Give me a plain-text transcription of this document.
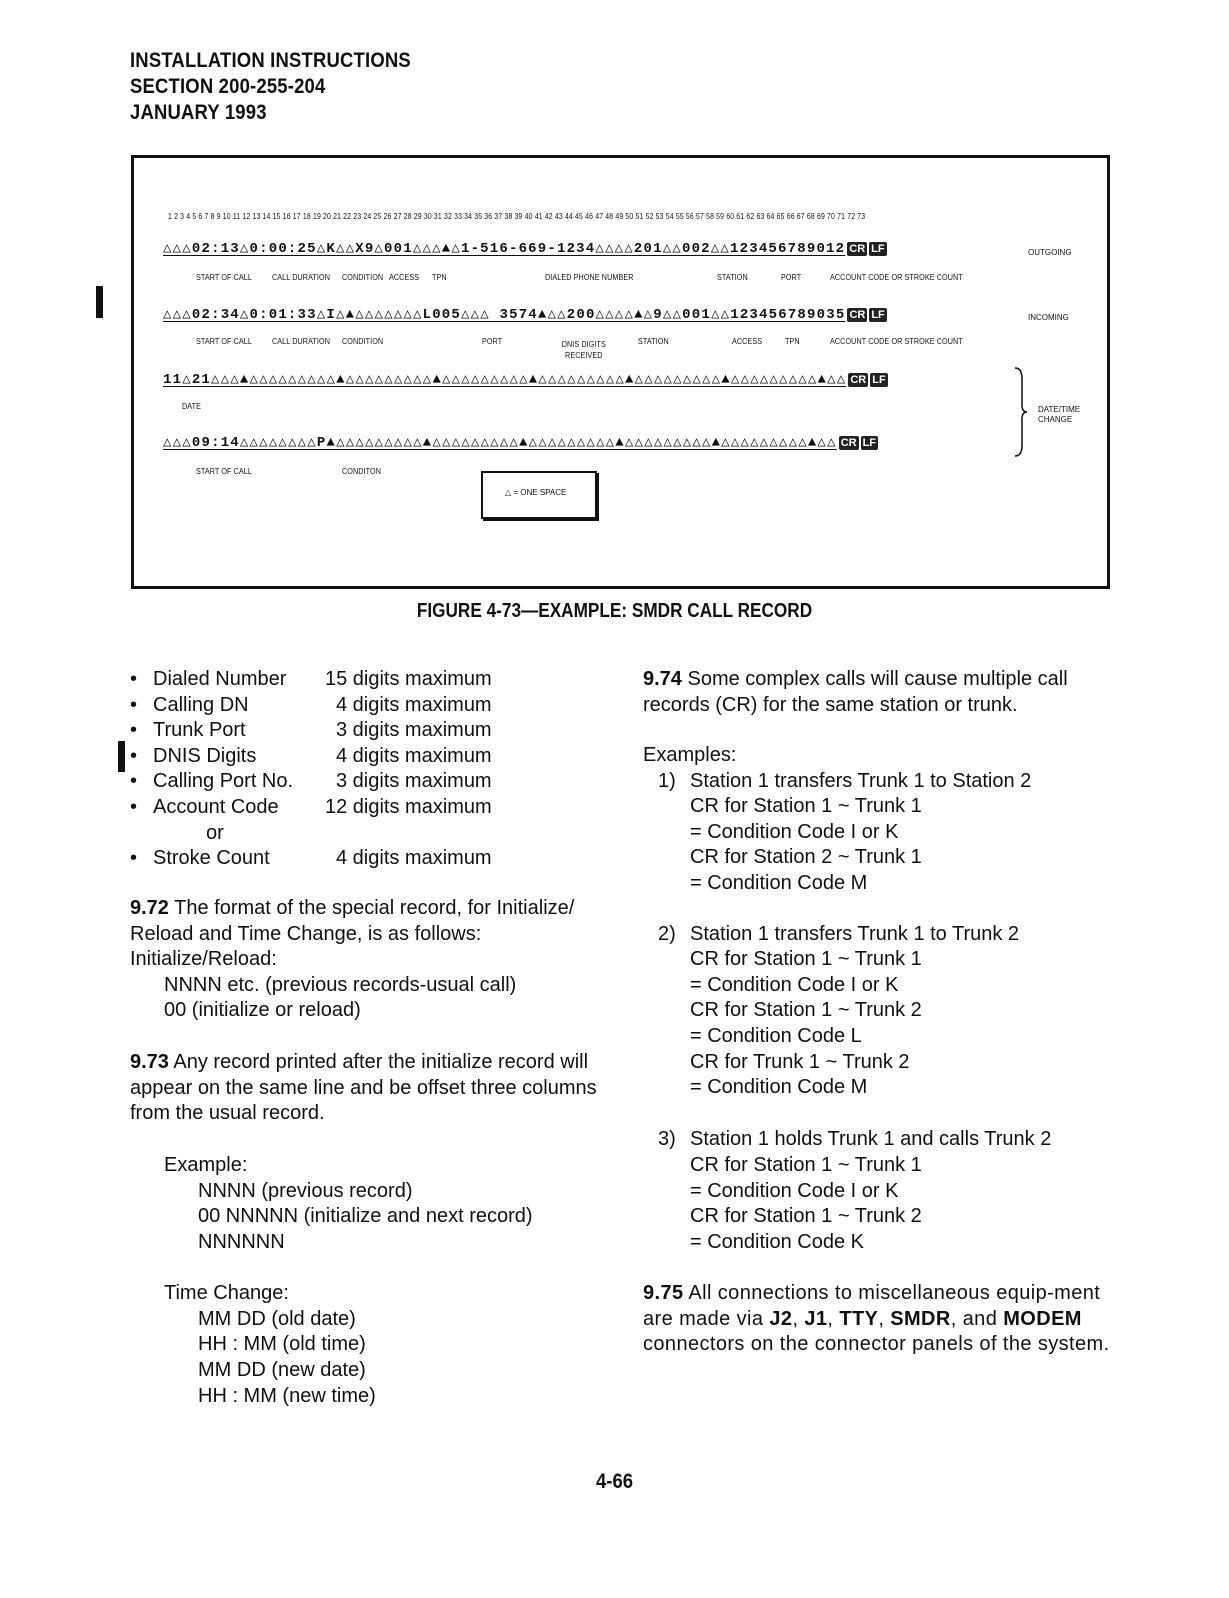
INSTALLATION INSTRUCTIONS
SECTION 200-255-204
JANUARY 1993
1 2 3 4 5 6 7 8 9 10 11 12 13 14 15 16 17 18 19 20 21 22 23 24 25 26 27 28 29 30 31 32 33 34 35 36 37 38 39 40 41 42 43 44 45 46 47 48 49 50 51 52 53 54 55 56 57 58 59 60 61 62 63 64 65 66 67 68 69 70 71 72 73
△△△02:13△0:00:25△K△△X9△001△△△▲△1-516-669-1234△△△△201△△002△△123456789012 CR LF	OUTGOING
START OF CALL	CALL DURATION CONDITION ACCESS TPN	DIALED PHONE NUMBER	STATION	PORT	ACCOUNT CODE OR STROKE COUNT
△△△02:34△0:01:33△I△▲△△△△△△△L005△△△ 3574▲△△200△△△△▲△9△△001△△123456789035 CR LF	INCOMING
START OF CALL	CALL DURATION CONDITION	PORT	DNIS DIGITS RECEIVED
STATION	ACCESS	TPN	ACCOUNT CODE OR STROKE COUNT
11△21△△△▲△△△△△△△△△▲△△△△△△△△△▲△△△△△△△△△▲△△△△△△△△△▲△△△△△△△△△▲△△△△△△△△△▲△△ CR LF
DATE
△△△09:14△△△△△△△△P▲△△△△△△△△△▲△△△△△△△△△▲△△△△△△△△△▲△△△△△△△△△▲△△△△△△△△△▲△△ CR LF
START OF CALL	CONDITON
DATE/TIME CHANGE
△ = ONE SPACE
FIGURE 4-73—EXAMPLE: SMDR CALL RECORD
• Dialed Number	15 digits maximum
• Calling DN	4 digits maximum
• Trunk Port	3 digits maximum
• DNIS Digits	4 digits maximum
• Calling Port No.	3 digits maximum
• Account Code	12 digits maximum
or
• Stroke Count	4 digits maximum
9.72 The format of the special record, for Initialize/ Reload and Time Change, is as follows:
Initialize/Reload:
NNNN etc. (previous records-usual call)
00 (initialize or reload)
9.73 Any record printed after the initialize record will appear on the same line and be offset three columns from the usual record.
Example:
NNNN (previous record)
00 NNNNN (initialize and next record)
NNNNNN
Time Change:
MM DD (old date)
HH : MM (old time)
MM DD (new date)
HH : MM (new time)
9.74 Some complex calls will cause multiple call records (CR) for the same station or trunk.
Examples:
1) Station 1 transfers Trunk 1 to Station 2
CR for Station 1 ~ Trunk 1
= Condition Code I or K
CR for Station 2 ~ Trunk 1
= Condition Code M
2) Station 1 transfers Trunk 1 to Trunk 2
CR for Station 1 ~ Trunk 1
= Condition Code I or K
CR for Station 1 ~ Trunk 2
= Condition Code L
CR for Trunk 1 ~ Trunk 2
= Condition Code M
3) Station 1 holds Trunk 1 and calls Trunk 2
CR for Station 1 ~ Trunk 1
= Condition Code I or K
CR for Station 1 ~ Trunk 2
= Condition Code K
9.75 All connections to miscellaneous equip-ment are made via J2, J1, TTY, SMDR, and MODEM connectors on the connector panels of the system.
4-66
